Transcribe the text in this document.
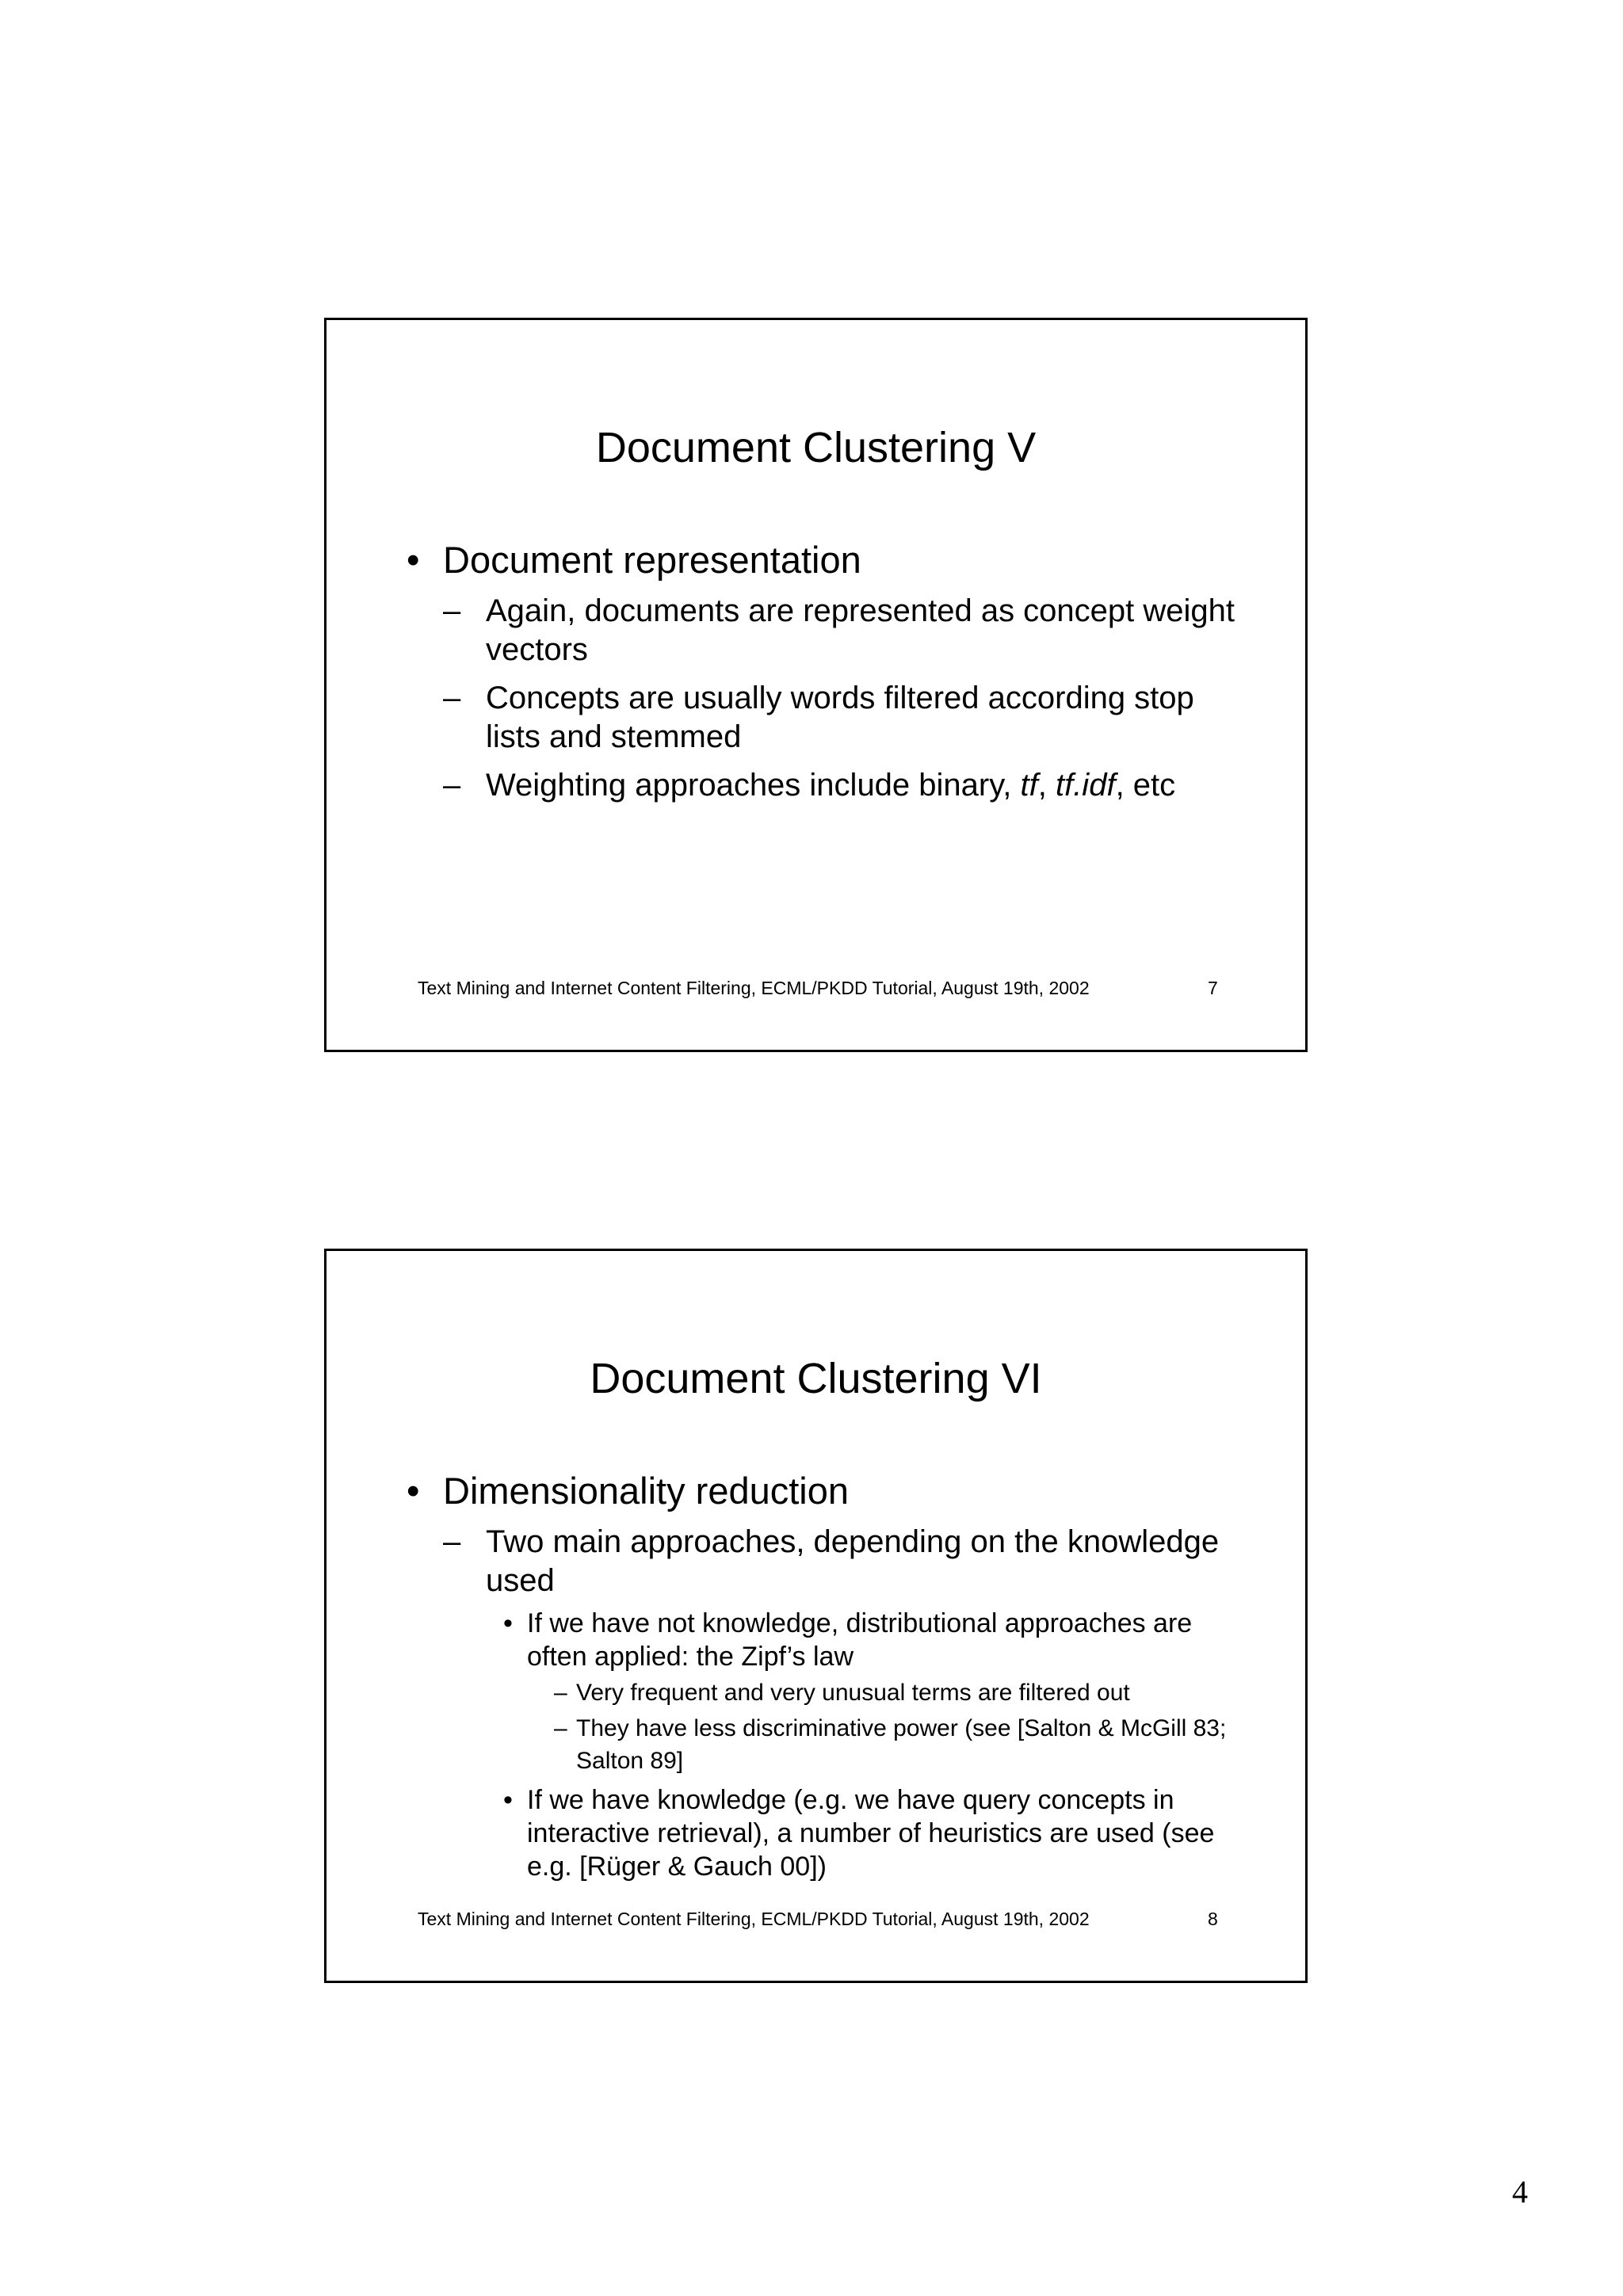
Document Clustering V
• Document representation
– Again, documents are represented as concept weight vectors
– Concepts are usually words filtered according stop lists and stemmed
– Weighting approaches include binary, tf, tf.idf, etc
Text Mining and Internet Content Filtering, ECML/PKDD Tutorial, August 19th, 2002	7
Document Clustering VI
• Dimensionality reduction
– Two main approaches, depending on the knowledge used
• If we have not knowledge, distributional approaches are often applied: the Zipf’s law
– Very frequent and very unusual terms are filtered out
– They have less discriminative power (see [Salton & McGill 83; Salton 89]
• If we have knowledge (e.g. we have query concepts in interactive retrieval), a number of heuristics are used (see e.g. [Rüger & Gauch 00])
Text Mining and Internet Content Filtering, ECML/PKDD Tutorial, August 19th, 2002	8
4
